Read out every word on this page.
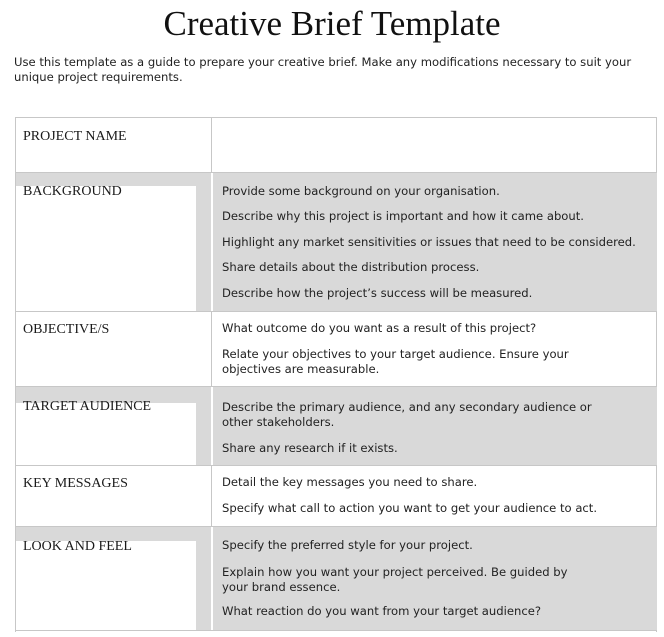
Creative Brief Template
Use this template as a guide to prepare your creative brief. Make any modifications necessary to suit your unique project requirements.
PROJECT NAME
BACKGROUND	Provide some background on your organisation.
Describe why this project is important and how it came about.
Highlight any market sensitivities or issues that need to be considered.
Share details about the distribution process.
Describe how the project’s success will be measured.
OBJECTIVE/S	What outcome do you want as a result of this project?
Relate your objectives to your target audience. Ensure your objectives are measurable.
TARGET AUDIENCE	Describe the primary audience, and any secondary audience or other stakeholders.
Share any research if it exists.
KEY MESSAGES	Detail the key messages you need to share.
Specify what call to action you want to get your audience to act.
LOOK AND FEEL	Specify the preferred style for your project.
Explain how you want your project perceived. Be guided by your brand essence.
What reaction do you want from your target audience?
